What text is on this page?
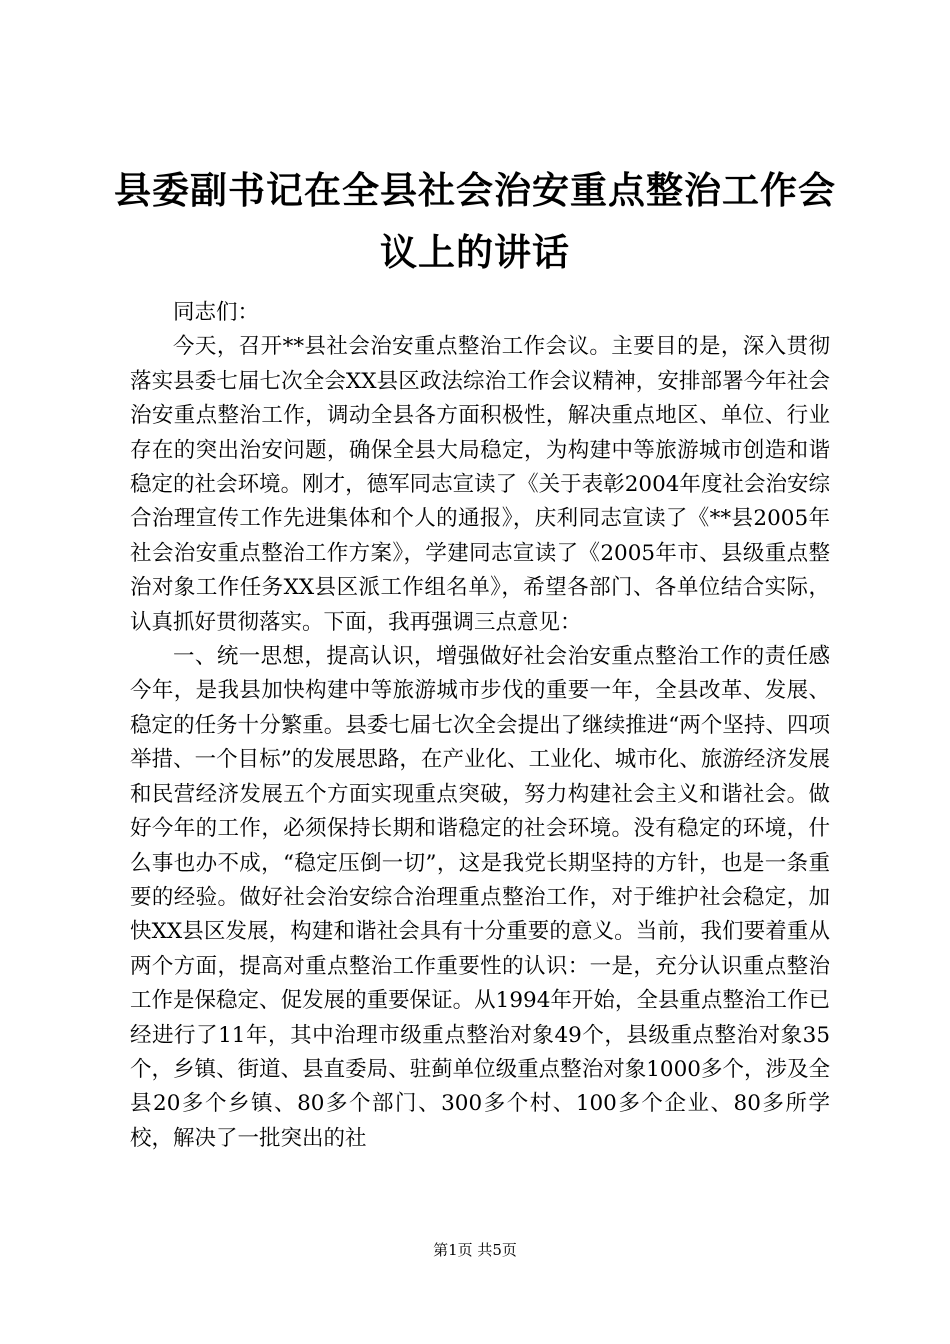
县委副书记在全县社会治安重点整治工作会议上的讲话

同志们：

今天，召开**县社会治安重点整治工作会议。主要目的是，深入贯彻落实县委七届七次全会XX县区政法综治工作会议精神，安排部署今年社会治安重点整治工作，调动全县各方面积极性，解决重点地区、单位、行业存在的突出治安问题，确保全县大局稳定，为构建中等旅游城市创造和谐稳定的社会环境。刚才，德军同志宣读了《关于表彰2004年度社会治安综合治理宣传工作先进集体和个人的通报》，庆利同志宣读了《**县2005年社会治安重点整治工作方案》，学建同志宣读了《2005年市、县级重点整治对象工作任务XX县区派工作组名单》，希望各部门、各单位结合实际，认真抓好贯彻落实。下面，我再强调三点意见：

一、统一思想，提高认识，增强做好社会治安重点整治工作的责任感今年，是我县加快构建中等旅游城市步伐的重要一年，全县改革、发展、稳定的任务十分繁重。县委七届七次全会提出了继续推进“两个坚持、四项举措、一个目标”的发展思路，在产业化、工业化、城市化、旅游经济发展和民营经济发展五个方面实现重点突破，努力构建社会主义和谐社会。做好今年的工作，必须保持长期和谐稳定的社会环境。没有稳定的环境，什么事也办不成，“稳定压倒一切”，这是我党长期坚持的方针，也是一条重要的经验。做好社会治安综合治理重点整治工作，对于维护社会稳定，加快XX县区发展，构建和谐社会具有十分重要的意义。当前，我们要着重从两个方面，提高对重点整治工作重要性的认识：一是，充分认识重点整治工作是保稳定、促发展的重要保证。从1994年开始，全县重点整治工作已经进行了11年，其中治理市级重点整治对象49个，县级重点整治对象35个，乡镇、街道、县直委局、驻蓟单位级重点整治对象1000多个，涉及全县20多个乡镇、80多个部门、300多个村、100多个企业、80多所学校，解决了一批突出的社

第1页 共5页
